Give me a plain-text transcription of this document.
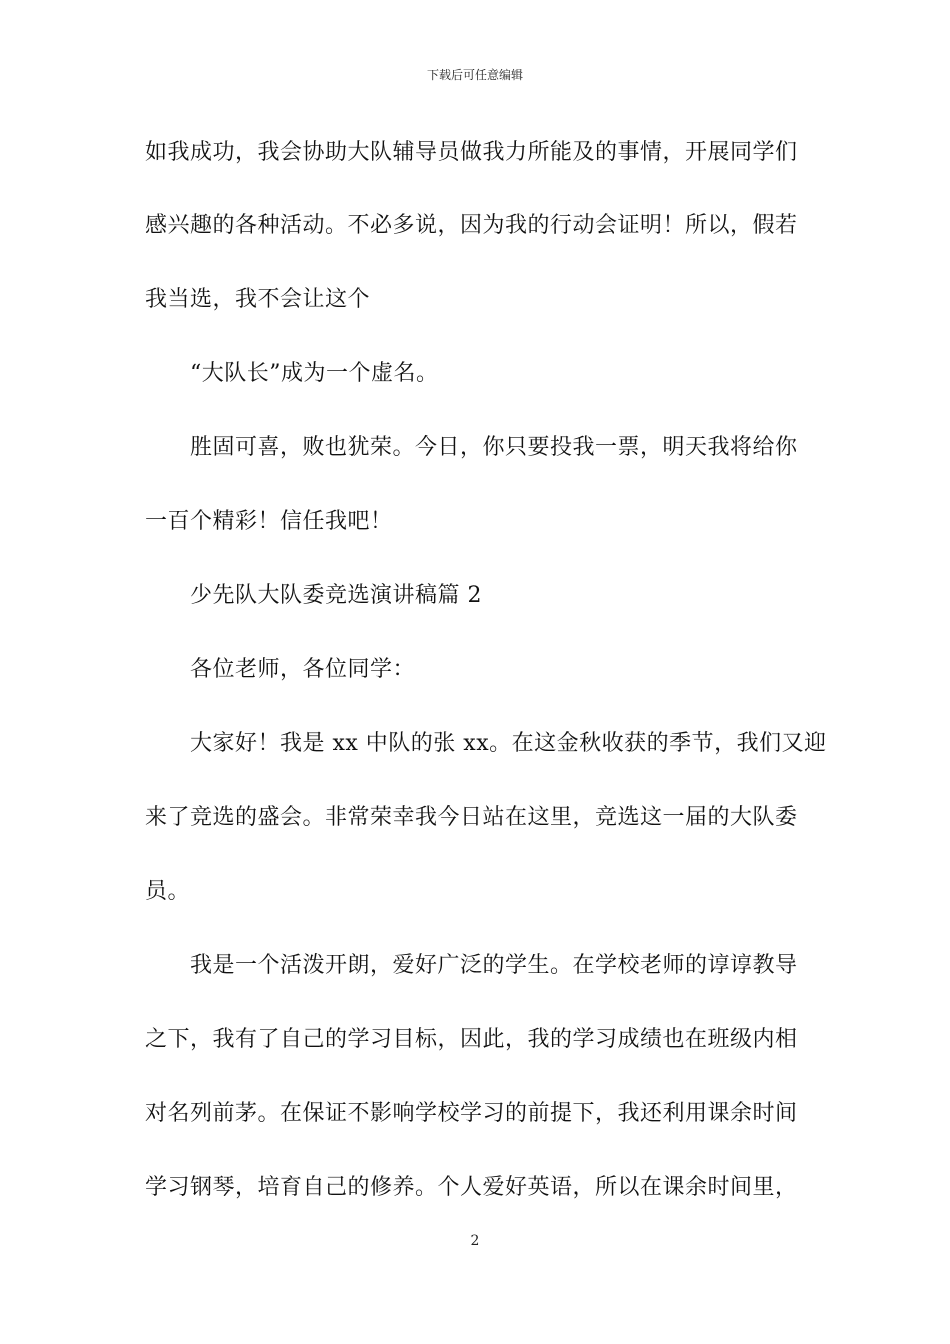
下载后可任意编辑
如我成功，我会协助大队辅导员做我力所能及的事情，开展同学们
感兴趣的各种活动。不必多说，因为我的行动会证明！所以，假若
我当选，我不会让这个
“大队长”成为一个虚名。
胜固可喜，败也犹荣。今日，你只要投我一票，明天我将给你
一百个精彩！信任我吧！
少先队大队委竞选演讲稿篇 2
各位老师，各位同学：
大家好！我是 xx 中队的张 xx。在这金秋收获的季节，我们又迎
来了竞选的盛会。非常荣幸我今日站在这里，竞选这一届的大队委
员。
我是一个活泼开朗，爱好广泛的学生。在学校老师的谆谆教导
之下，我有了自己的学习目标，因此，我的学习成绩也在班级内相
对名列前茅。在保证不影响学校学习的前提下，我还利用课余时间
学习钢琴，培育自己的修养。个人爱好英语，所以在课余时间里，
2
